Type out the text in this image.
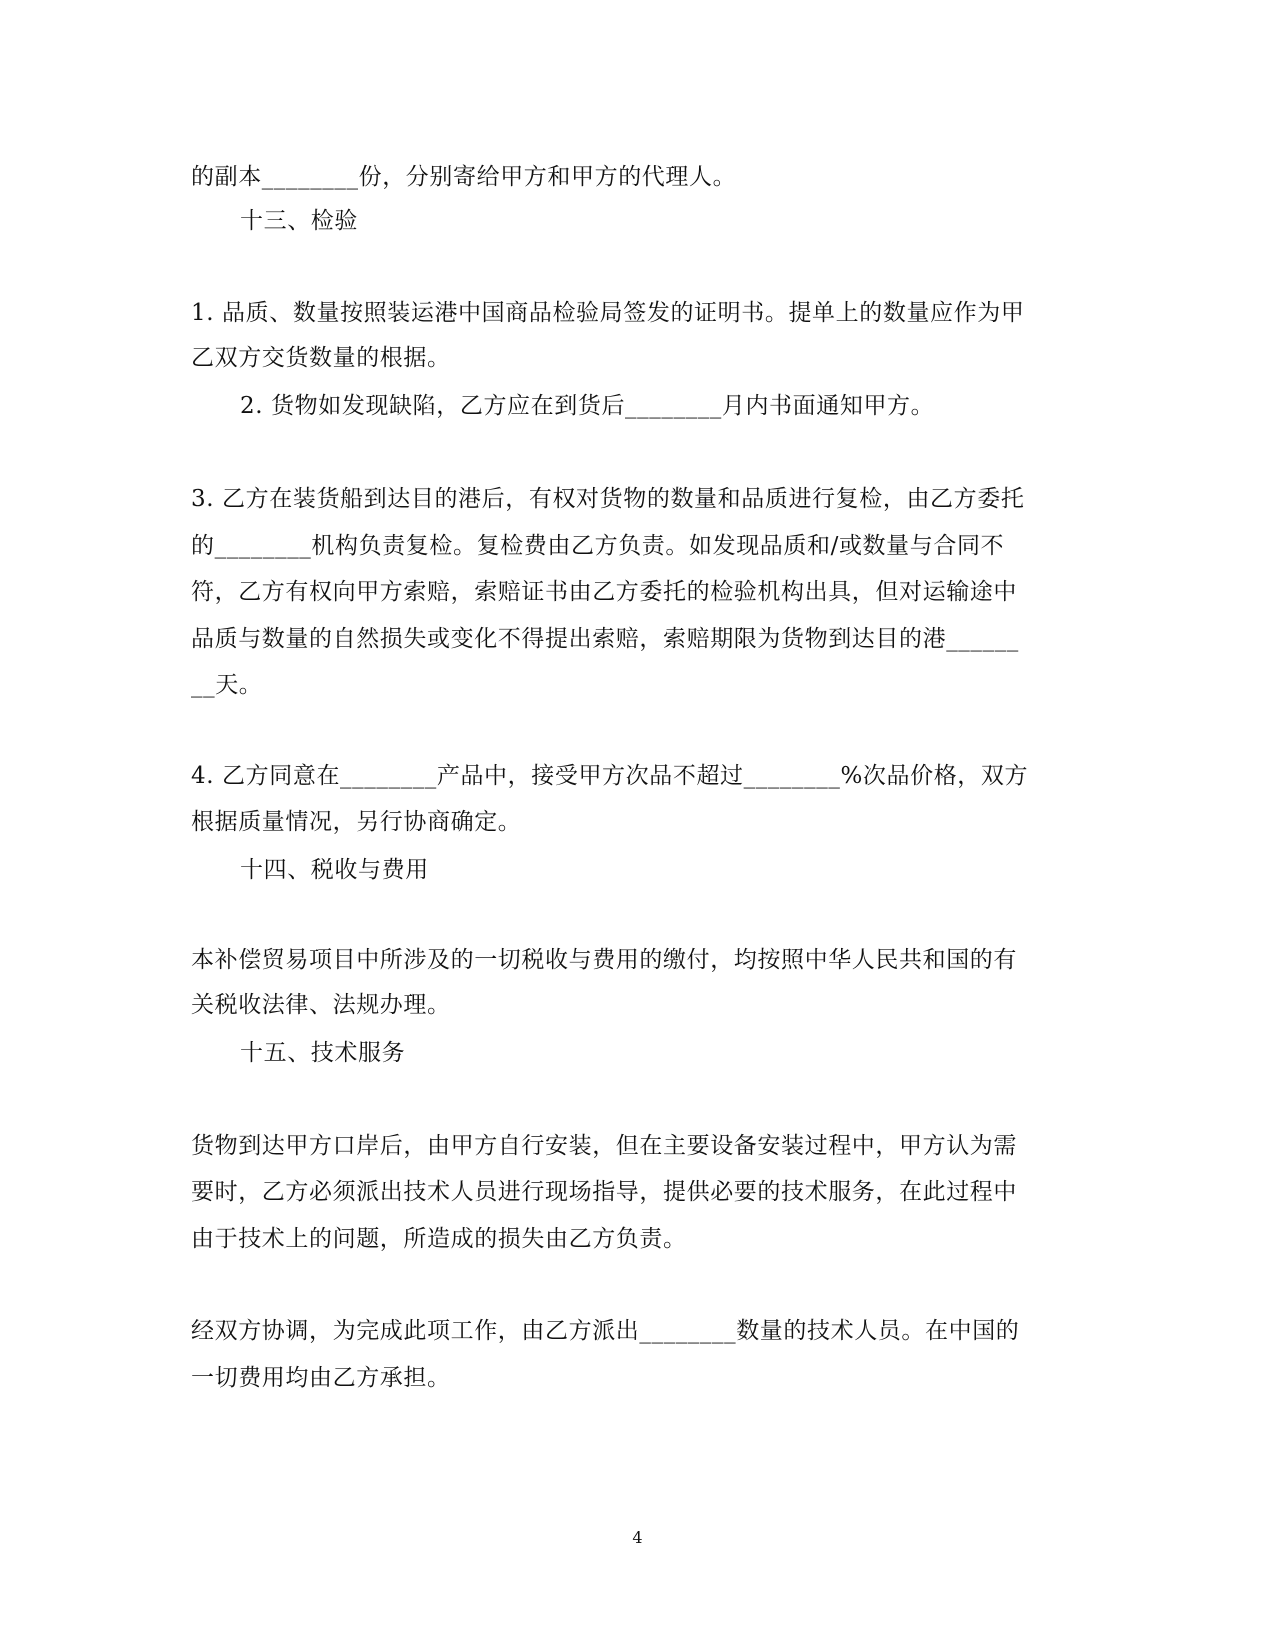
的副本________份，分别寄给甲方和甲方的代理人。
十三、检验
1. 品质、数量按照装运港中国商品检验局签发的证明书。提单上的数量应作为甲
乙双方交货数量的根据。
2. 货物如发现缺陷，乙方应在到货后________月内书面通知甲方。
3. 乙方在装货船到达目的港后，有权对货物的数量和品质进行复检，由乙方委托
的________机构负责复检。复检费由乙方负责。如发现品质和/或数量与合同不
符，乙方有权向甲方索赔，索赔证书由乙方委托的检验机构出具，但对运输途中
品质与数量的自然损失或变化不得提出索赔，索赔期限为货物到达目的港______
__天。
4. 乙方同意在________产品中，接受甲方次品不超过________%次品价格，双方
根据质量情况，另行协商确定。
十四、税收与费用
本补偿贸易项目中所涉及的一切税收与费用的缴付，均按照中华人民共和国的有
关税收法律、法规办理。
十五、技术服务
货物到达甲方口岸后，由甲方自行安装，但在主要设备安装过程中，甲方认为需
要时，乙方必须派出技术人员进行现场指导，提供必要的技术服务，在此过程中
由于技术上的问题，所造成的损失由乙方负责。
经双方协调，为完成此项工作，由乙方派出________数量的技术人员。在中国的
一切费用均由乙方承担。
4
